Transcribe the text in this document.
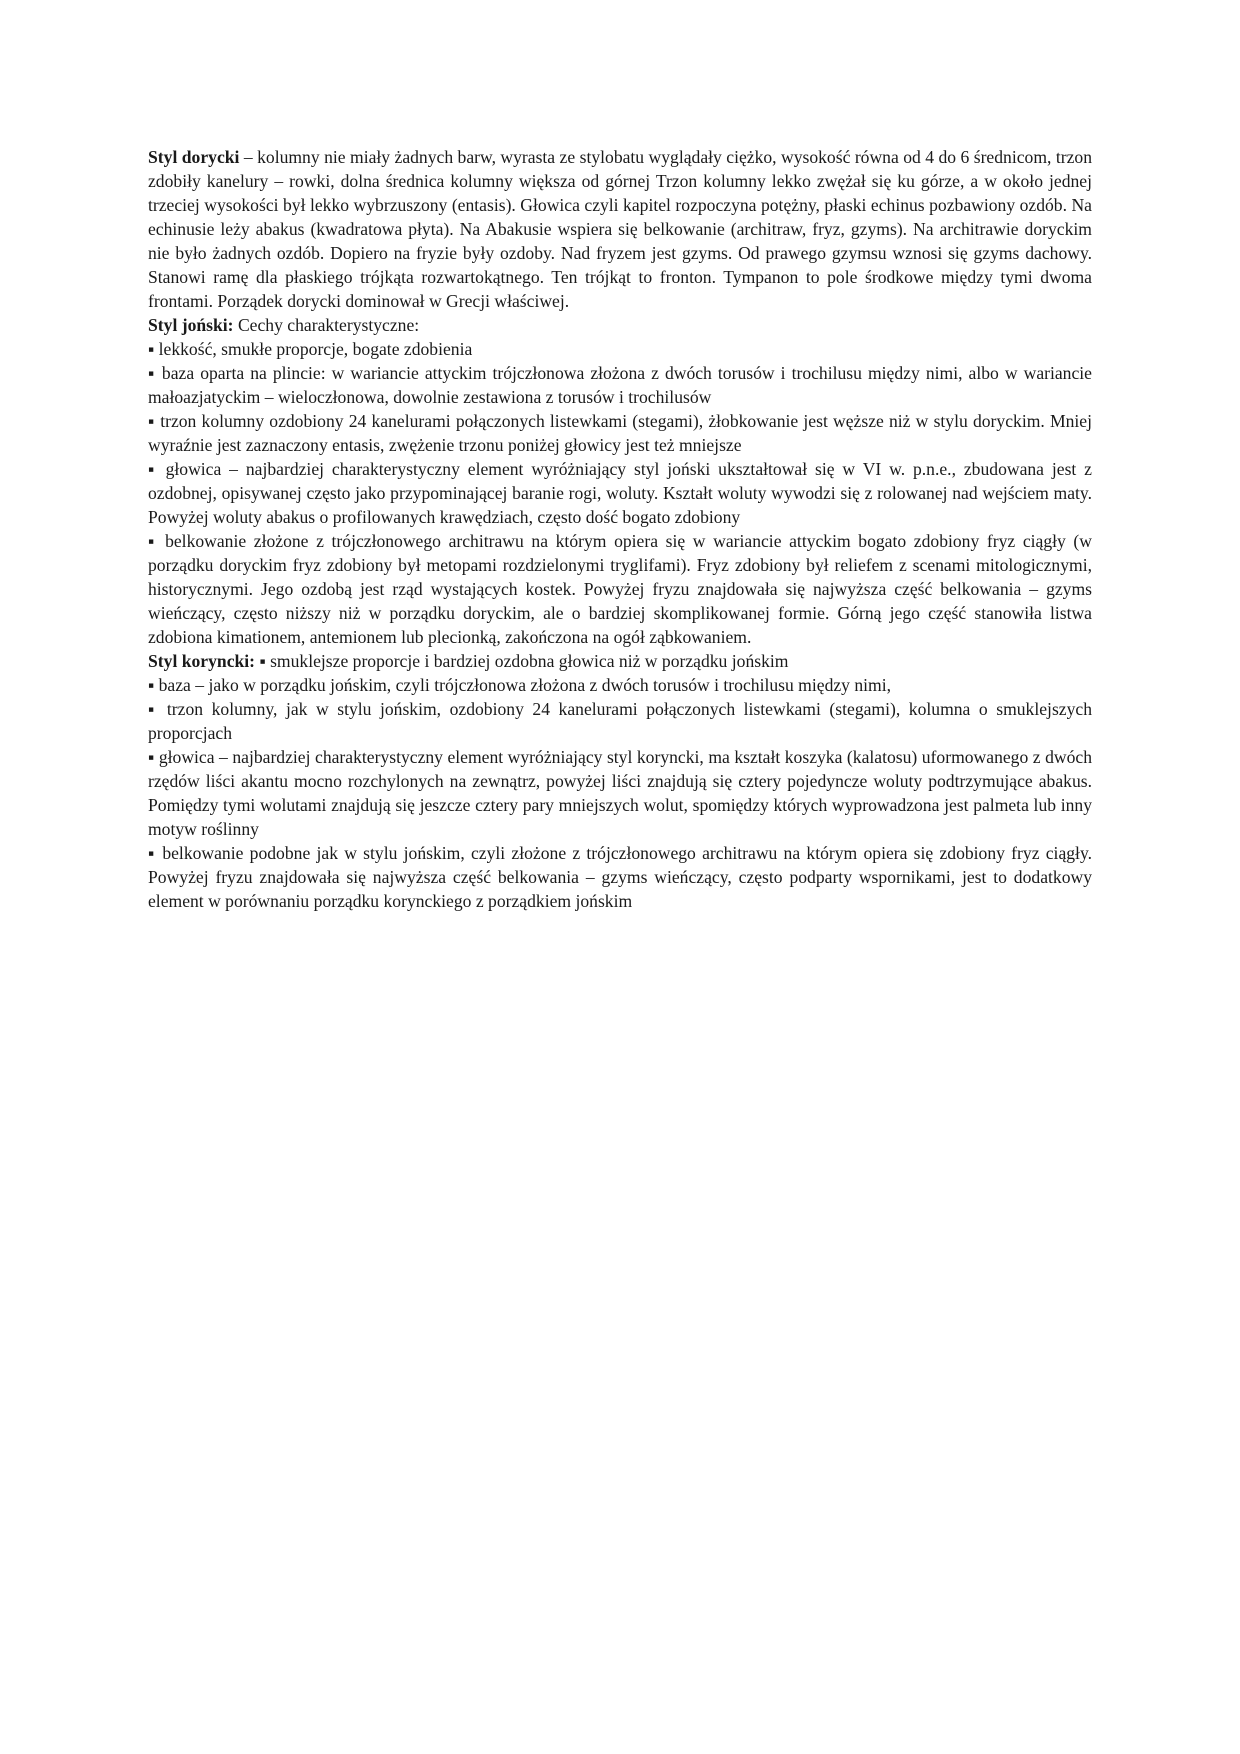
Styl dorycki – kolumny nie miały żadnych barw, wyrasta ze stylobatu wyglądały ciężko, wysokość równa od 4 do 6 średnicom, trzon zdobiły kanelury – rowki, dolna średnica kolumny większa od górnej Trzon kolumny lekko zwężał się ku górze, a w około jednej trzeciej wysokości był lekko wybrzuszony (entasis). Głowica czyli kapitel rozpoczyna potężny, płaski echinus pozbawiony ozdób. Na echinusie leży abakus (kwadratowa płyta). Na Abakusie wspiera się belkowanie (architraw, fryz, gzyms). Na architrawie doryckim nie było żadnych ozdób. Dopiero na fryzie były ozdoby. Nad fryzem jest gzyms. Od prawego gzymsu wznosi się gzyms dachowy. Stanowi ramę dla płaskiego trójkąta rozwartokątnego. Ten trójkąt to fronton. Tympanon to pole środkowe między tymi dwoma frontami. Porządek dorycki dominował w Grecji właściwej.

Styl joński: Cechy charakterystyczne:

▪ lekkość, smukłe proporcje, bogate zdobienia

▪ baza oparta na plincie: w wariancie attyckim trójczłonowa złożona z dwóch torusów i trochilusu między nimi, albo w wariancie małoazjatyckim – wieloczłonowa, dowolnie zestawiona z torusów i trochilusów

▪ trzon kolumny ozdobiony 24 kanelurami połączonych listewkami (stegami), żłobkowanie jest węższe niż w stylu doryckim. Mniej wyraźnie jest zaznaczony entasis, zwężenie trzonu poniżej głowicy jest też mniejsze

▪ głowica – najbardziej charakterystyczny element wyróżniający styl joński ukształtował się w VI w. p.n.e., zbudowana jest z ozdobnej, opisywanej często jako przypominającej baranie rogi, woluty. Kształt woluty wywodzi się z rolowanej nad wejściem maty. Powyżej woluty abakus o profilowanych krawędziach, często dość bogato zdobiony

▪ belkowanie złożone z trójczłonowego architrawu na którym opiera się w wariancie attyckim bogato zdobiony fryz ciągły (w porządku doryckim fryz zdobiony był metopami rozdzielonymi tryglifami). Fryz zdobiony był reliefem z scenami mitologicznymi, historycznymi. Jego ozdobą jest rząd wystających kostek. Powyżej fryzu znajdowała się najwyższa część belkowania – gzyms wieńczący, często niższy niż w porządku doryckim, ale o bardziej skomplikowanej formie. Górną jego część stanowiła listwa zdobiona kimationem, antemionem lub plecionką, zakończona na ogół ząbkowaniem.

Styl koryncki: ▪ smuklejsze proporcje i bardziej ozdobna głowica niż w porządku jońskim

▪ baza – jako w porządku jońskim, czyli trójczłonowa złożona z dwóch torusów i trochilusu między nimi,

▪ trzon kolumny, jak w stylu jońskim, ozdobiony 24 kanelurami połączonych listewkami (stegami), kolumna o smuklejszych proporcjach

▪ głowica – najbardziej charakterystyczny element wyróżniający styl koryncki, ma kształt koszyka (kalatosu) uformowanego z dwóch rzędów liści akantu mocno rozchylonych na zewnątrz, powyżej liści znajdują się cztery pojedyncze woluty podtrzymujące abakus. Pomiędzy tymi wolutami znajdują się jeszcze cztery pary mniejszych wolut, spomiędzy których wyprowadzona jest palmeta lub inny motyw roślinny

▪ belkowanie podobne jak w stylu jońskim, czyli złożone z trójczłonowego architrawu na którym opiera się zdobiony fryz ciągły. Powyżej fryzu znajdowała się najwyższa część belkowania – gzyms wieńczący, często podparty wspornikami, jest to dodatkowy element w porównaniu porządku korynckiego z porządkiem jońskim
